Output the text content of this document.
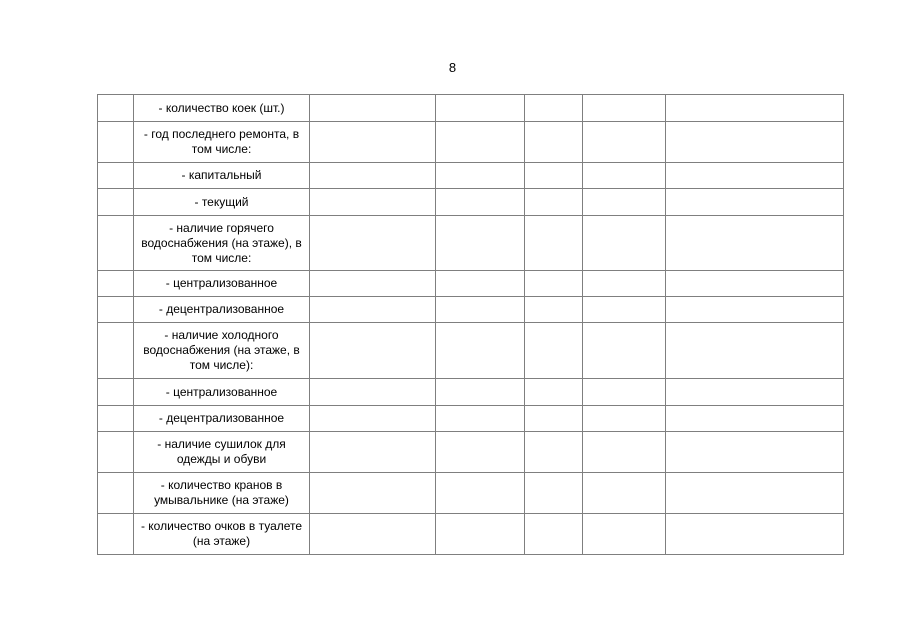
8
	- количество коек (шт.)					
	- год последнего ремонта, в том числе:					
	- капитальный					
	- текущий					
	- наличие горячего водоснабжения (на этаже), в том числе:					
	- централизованное					
	- децентрализованное					
	- наличие холодного водоснабжения (на этаже, в том числе):					
	- централизованное					
	- децентрализованное					
	- наличие сушилок для одежды и обуви					
	- количество кранов в умывальнике (на этаже)					
	- количество очков в туалете (на этаже)					
